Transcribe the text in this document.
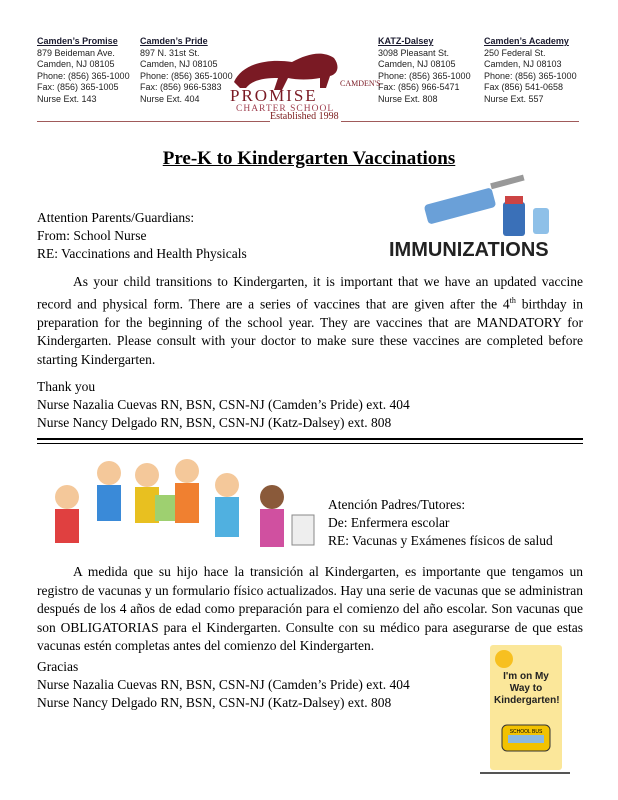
Camden’s Promise
879 Beideman Ave.
Camden, NJ 08105
Phone: (856) 365-1000
Fax: (856) 365-1005
Nurse Ext. 143
Camden’s Pride
897 N. 31st St.
Camden, NJ 08105
Phone: (856) 365-1000
Fax: (856) 966-5383
Nurse Ext. 404
KATZ-Dalsey
3098 Pleasant St.
Camden, NJ 08105
Phone: (856) 365-1000
Fax: (856) 966-5471
Nurse Ext. 808
Camden’s Academy
250 Federal St.
Camden, NJ 08103
Phone: (856) 365-1000
Fax (856) 541-0658
Nurse Ext. 557
CAMDEN'S
PROMISE
CHARTER SCHOOL
Established 1998
Pre-K to Kindergarten Vaccinations
Attention Parents/Guardians:
From: School Nurse
RE: Vaccinations and Health Physicals	IMMUNIZATIONS
As your child transitions to Kindergarten, it is important that we have an updated vaccine record and physical form. There are a series of vaccines that are given after the 4th birthday in preparation for the beginning of the school year. They are vaccines that are MANDATORY for Kindergarten. Please consult with your doctor to make sure these vaccines are completed before starting Kindergarten.
Thank you
Nurse Nazalia Cuevas RN, BSN, CSN-NJ (Camden’s Pride) ext. 404
Nurse Nancy Delgado RN, BSN, CSN-NJ (Katz-Dalsey) ext. 808
Atención Padres/Tutores:
De: Enfermera escolar
RE: Vacunas y Exámenes físicos de salud
A medida que su hijo hace la transición al Kindergarten, es importante que tengamos un registro de vacunas y un formulario físico actualizados. Hay una serie de vacunas que se administran después de los 4 años de edad como preparación para el comienzo del año escolar. Son vacunas que son OBLIGATORIAS para el Kindergarten. Consulte con su médico para asegurarse de que estas vacunas estén completas antes del comienzo del Kindergarten.
Gracias
Nurse Nazalia Cuevas RN, BSN, CSN-NJ (Camden’s Pride) ext. 404
Nurse Nancy Delgado RN, BSN, CSN-NJ (Katz-Dalsey) ext. 808
I'm on My Way to Kindergarten!
SCHOOL BUS
